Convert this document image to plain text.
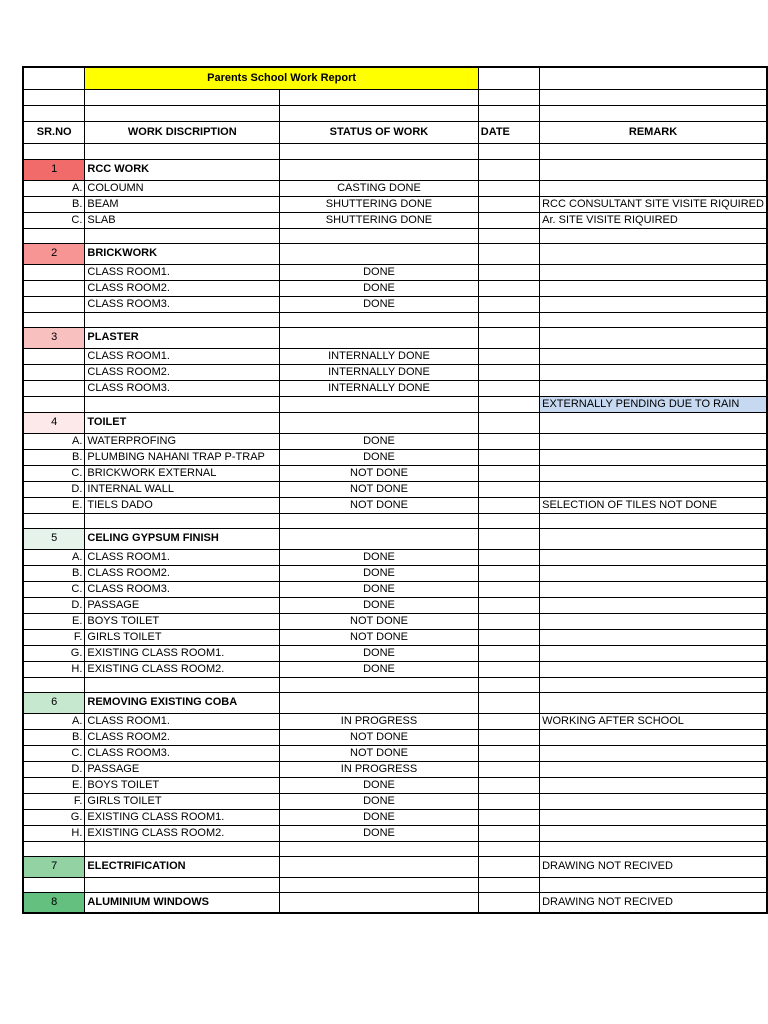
	Parents School Work Report			

SR.NO	WORK DISCRIPTION	STATUS OF WORK	DATE	REMARK

1	RCC WORK			
A.	COLOUMN	CASTING DONE		
B.	BEAM	SHUTTERING DONE		RCC CONSULTANT SITE VISITE RIQUIRED
C.	SLAB	SHUTTERING DONE		Ar. SITE VISITE RIQUIRED

2	BRICKWORK			
	CLASS ROOM1.	DONE		
	CLASS ROOM2.	DONE		
	CLASS ROOM3.	DONE		

3	PLASTER			
	CLASS ROOM1.	INTERNALLY DONE		
	CLASS ROOM2.	INTERNALLY DONE		
	CLASS ROOM3.	INTERNALLY DONE		
				EXTERNALLY PENDING DUE TO RAIN
4	TOILET			
A.	WATERPROFING	DONE		
B.	PLUMBING NAHANI TRAP P-TRAP	DONE		
C.	BRICKWORK EXTERNAL	NOT DONE		
D.	INTERNAL WALL	NOT DONE		
E.	TIELS DADO	NOT DONE		SELECTION OF TILES NOT DONE

5	CELING GYPSUM FINISH			
A.	CLASS ROOM1.	DONE		
B.	CLASS ROOM2.	DONE		
C.	CLASS ROOM3.	DONE		
D.	PASSAGE	DONE		
E.	BOYS TOILET	NOT DONE		
F.	GIRLS TOILET	NOT DONE		
G.	EXISTING CLASS ROOM1.	DONE		
H.	EXISTING CLASS ROOM2.	DONE		

6	REMOVING EXISTING COBA			
A.	CLASS ROOM1.	IN PROGRESS		WORKING AFTER SCHOOL
B.	CLASS ROOM2.	NOT DONE		
C.	CLASS ROOM3.	NOT DONE		
D.	PASSAGE	IN PROGRESS		
E.	BOYS TOILET	DONE		
F.	GIRLS TOILET	DONE		
G.	EXISTING CLASS ROOM1.	DONE		
H.	EXISTING CLASS ROOM2.	DONE		

7	ELECTRIFICATION			DRAWING NOT RECIVED

8	ALUMINIUM WINDOWS			DRAWING NOT RECIVED
